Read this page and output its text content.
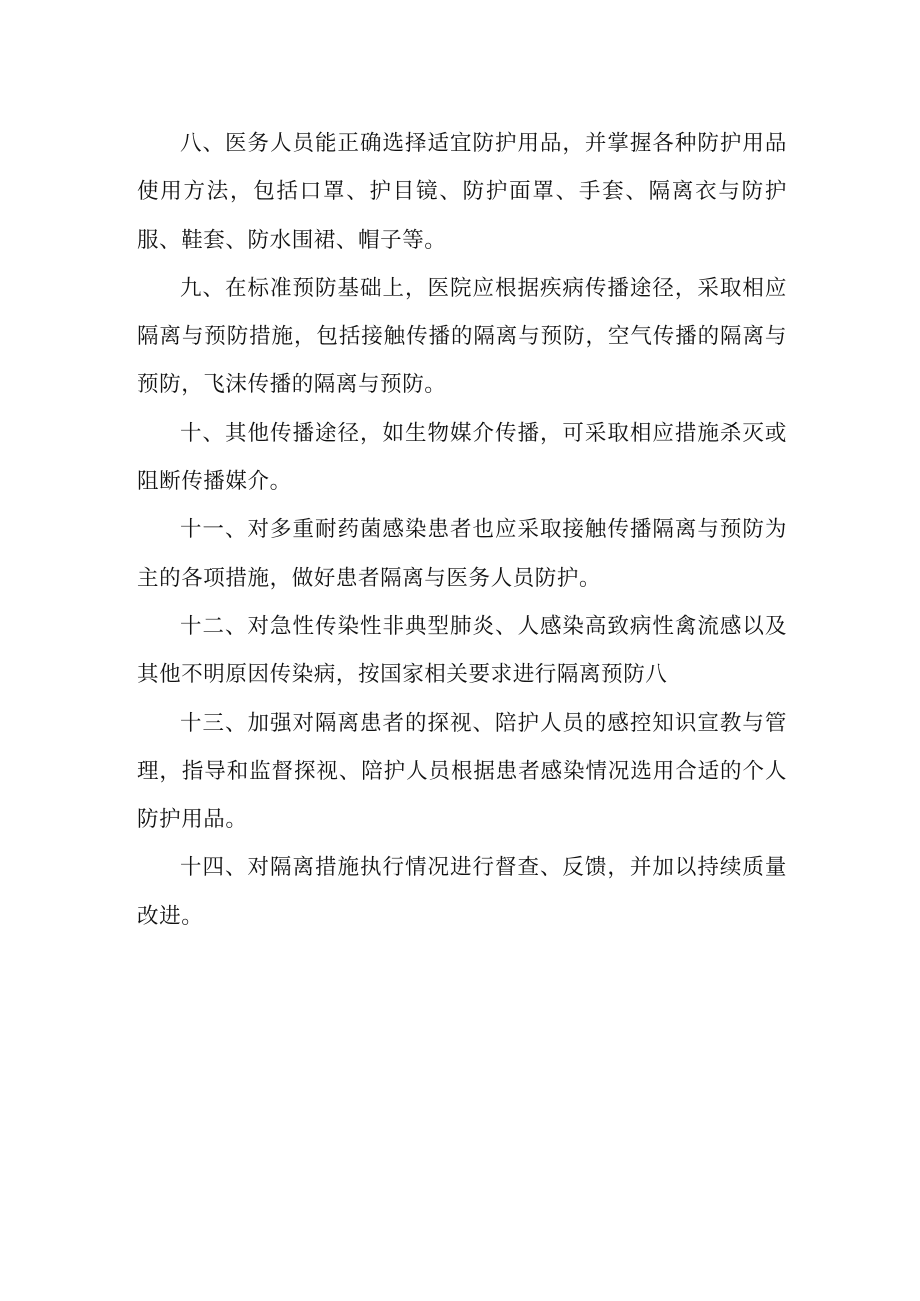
八、医务人员能正确选择适宜防护用品，并掌握各种防护用品使用方法，包括口罩、护目镜、防护面罩、手套、隔离衣与防护服、鞋套、防水围裙、帽子等。

九、在标准预防基础上，医院应根据疾病传播途径，采取相应隔离与预防措施，包括接触传播的隔离与预防，空气传播的隔离与预防，飞沫传播的隔离与预防。

十、其他传播途径，如生物媒介传播，可采取相应措施杀灭或阻断传播媒介。

十一、对多重耐药菌感染患者也应采取接触传播隔离与预防为主的各项措施，做好患者隔离与医务人员防护。

十二、对急性传染性非典型肺炎、人感染高致病性禽流感以及其他不明原因传染病，按国家相关要求进行隔离预防八

十三、加强对隔离患者的探视、陪护人员的感控知识宣教与管理，指导和监督探视、陪护人员根据患者感染情况选用合适的个人防护用品。

十四、对隔离措施执行情况进行督查、反馈，并加以持续质量改进。
